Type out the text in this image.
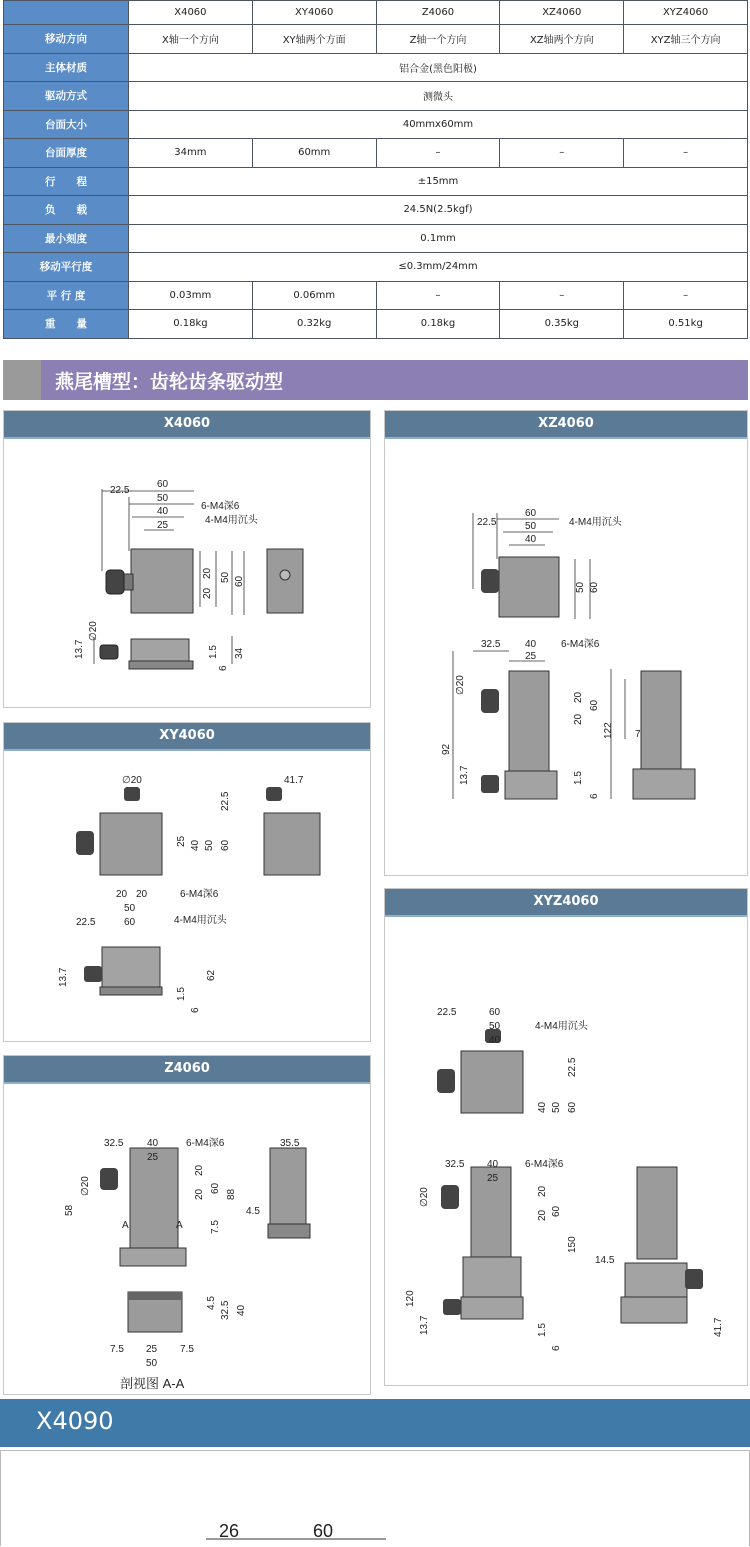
	X4060	XY4060	Z4060	XZ4060	XYZ4060
移动方向	X轴一个方向	XY轴两个方面	Z轴一个方向	XZ轴两个方向	XYZ轴三个方向
主体材质	铝合金(黑色阳极)				
驱动方式	测微头				
台面大小	40mmx60mm				
台面厚度	34mm	60mm	–	–	–
行　　程	±15mm				
负　　载	24.5N(2.5kgf)				
最小刻度	0.1mm				
移动平行度	≤0.3mm/24mm				
平 行 度	0.03mm	0.06mm	–	–	–
重　　量	0.18kg	0.32kg	0.18kg	0.35kg	0.51kg
燕尾槽型：齿轮齿条驱动型
X4060
22.5
60
50
40
25
6-M4深6
4-M4用沉头
20
20
50 60
13.7
∅20
1.5
6
34
XZ4060
22.5
60
50
40
4-M4用沉头
50 60
32.5 40
25
6-M4深6
∅20
20
20
60
122
92
13.7	1.5
6
7
XY4060
∅20	41.7
22.5
25 40 50 60
20 20
50
22.5	60
6-M4深6
4-M4用沉头
13.7	62
1.5
6
XYZ4060
22.5	60
50
40
4-M4用沉头
22.5
40 50 60
32.5 40
25
6-M4深6
∅20	20
20 60
150
120
13.7	1.5
6
14.5
41.7
Z4060
32.5 40
25
6-M4深6	35.5
∅20
20
20
60
88
58
7.5
4.5
A	A
4.5 32.5 40
7.5 25 7.5
50
剖视图 A-A
X4090
26	60
